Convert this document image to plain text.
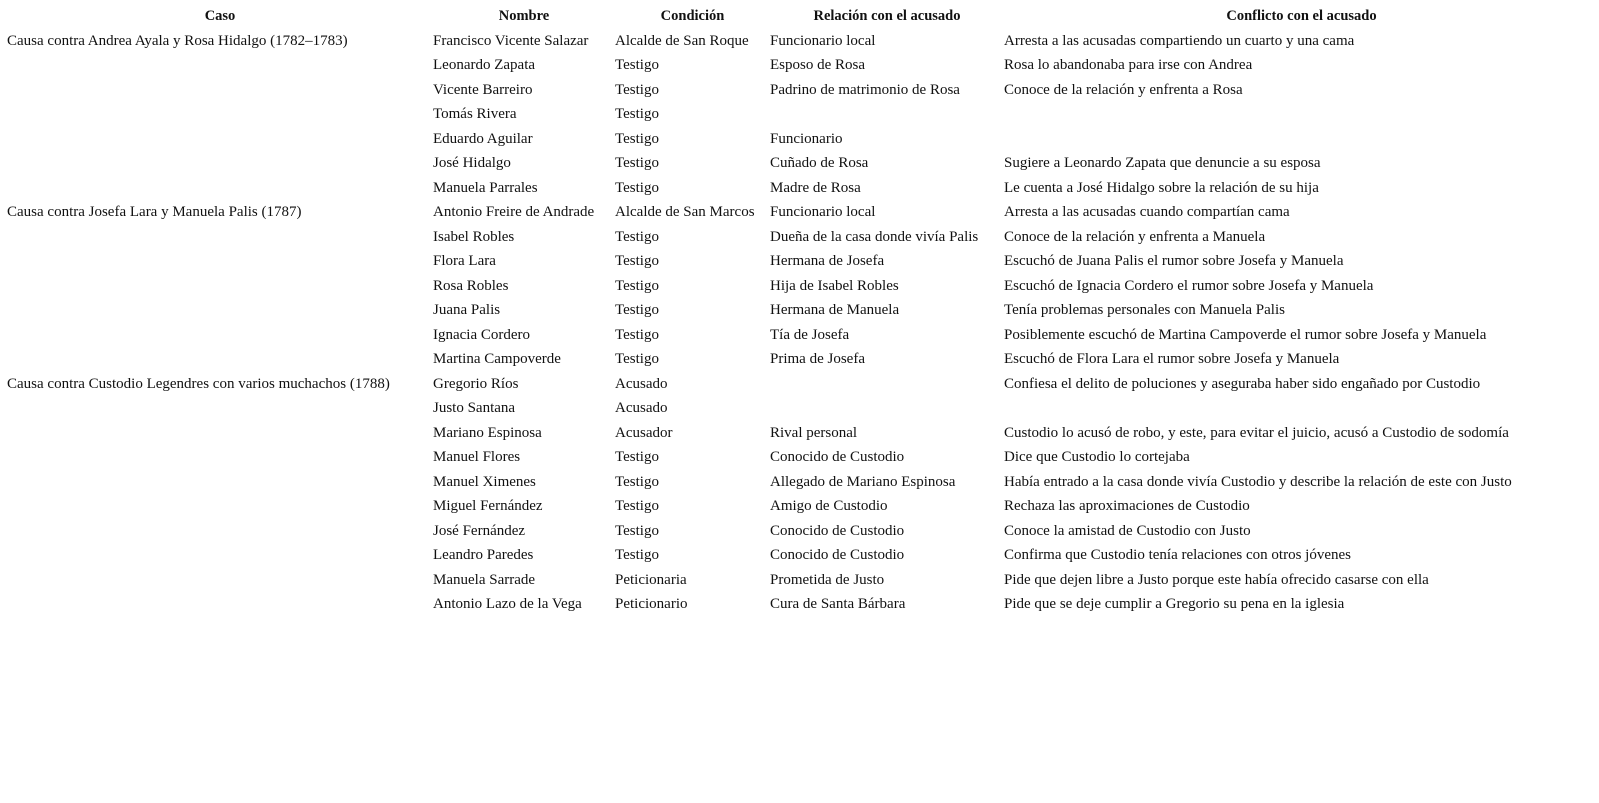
Caso	Nombre	Condición	Relación con el acusado	Conflicto con el acusado
Causa contra Andrea Ayala y Rosa Hidalgo (1782–1783)	Francisco Vicente Salazar	Alcalde de San Roque	Funcionario local	Arresta a las acusadas compartiendo un cuarto y una cama
	Leonardo Zapata	Testigo	Esposo de Rosa	Rosa lo abandonaba para irse con Andrea
	Vicente Barreiro	Testigo	Padrino de matrimonio de Rosa	Conoce de la relación y enfrenta a Rosa
	Tomás Rivera	Testigo		
	Eduardo Aguilar	Testigo	Funcionario	
	José Hidalgo	Testigo	Cuñado de Rosa	Sugiere a Leonardo Zapata que denuncie a su esposa
	Manuela Parrales	Testigo	Madre de Rosa	Le cuenta a José Hidalgo sobre la relación de su hija
Causa contra Josefa Lara y Manuela Palis (1787)	Antonio Freire de Andrade	Alcalde de San Marcos	Funcionario local	Arresta a las acusadas cuando compartían cama
	Isabel Robles	Testigo	Dueña de la casa donde vivía Palis	Conoce de la relación y enfrenta a Manuela
	Flora Lara	Testigo	Hermana de Josefa	Escuchó de Juana Palis el rumor sobre Josefa y Manuela
	Rosa Robles	Testigo	Hija de Isabel Robles	Escuchó de Ignacia Cordero el rumor sobre Josefa y Manuela
	Juana Palis	Testigo	Hermana de Manuela	Tenía problemas personales con Manuela Palis
	Ignacia Cordero	Testigo	Tía de Josefa	Posiblemente escuchó de Martina Campoverde el rumor sobre Josefa y Manuela
	Martina Campoverde	Testigo	Prima de Josefa	Escuchó de Flora Lara el rumor sobre Josefa y Manuela
Causa contra Custodio Legendres con varios muchachos (1788)	Gregorio Ríos	Acusado		Confiesa el delito de poluciones y aseguraba haber sido engañado por Custodio
	Justo Santana	Acusado		
	Mariano Espinosa	Acusador	Rival personal	Custodio lo acusó de robo, y este, para evitar el juicio, acusó a Custodio de sodomía
	Manuel Flores	Testigo	Conocido de Custodio	Dice que Custodio lo cortejaba
	Manuel Ximenes	Testigo	Allegado de Mariano Espinosa	Había entrado a la casa donde vivía Custodio y describe la relación de este con Justo
	Miguel Fernández	Testigo	Amigo de Custodio	Rechaza las aproximaciones de Custodio
	José Fernández	Testigo	Conocido de Custodio	Conoce la amistad de Custodio con Justo
	Leandro Paredes	Testigo	Conocido de Custodio	Confirma que Custodio tenía relaciones con otros jóvenes
	Manuela Sarrade	Peticionaria	Prometida de Justo	Pide que dejen libre a Justo porque este había ofrecido casarse con ella
	Antonio Lazo de la Vega	Peticionario	Cura de Santa Bárbara	Pide que se deje cumplir a Gregorio su pena en la iglesia
